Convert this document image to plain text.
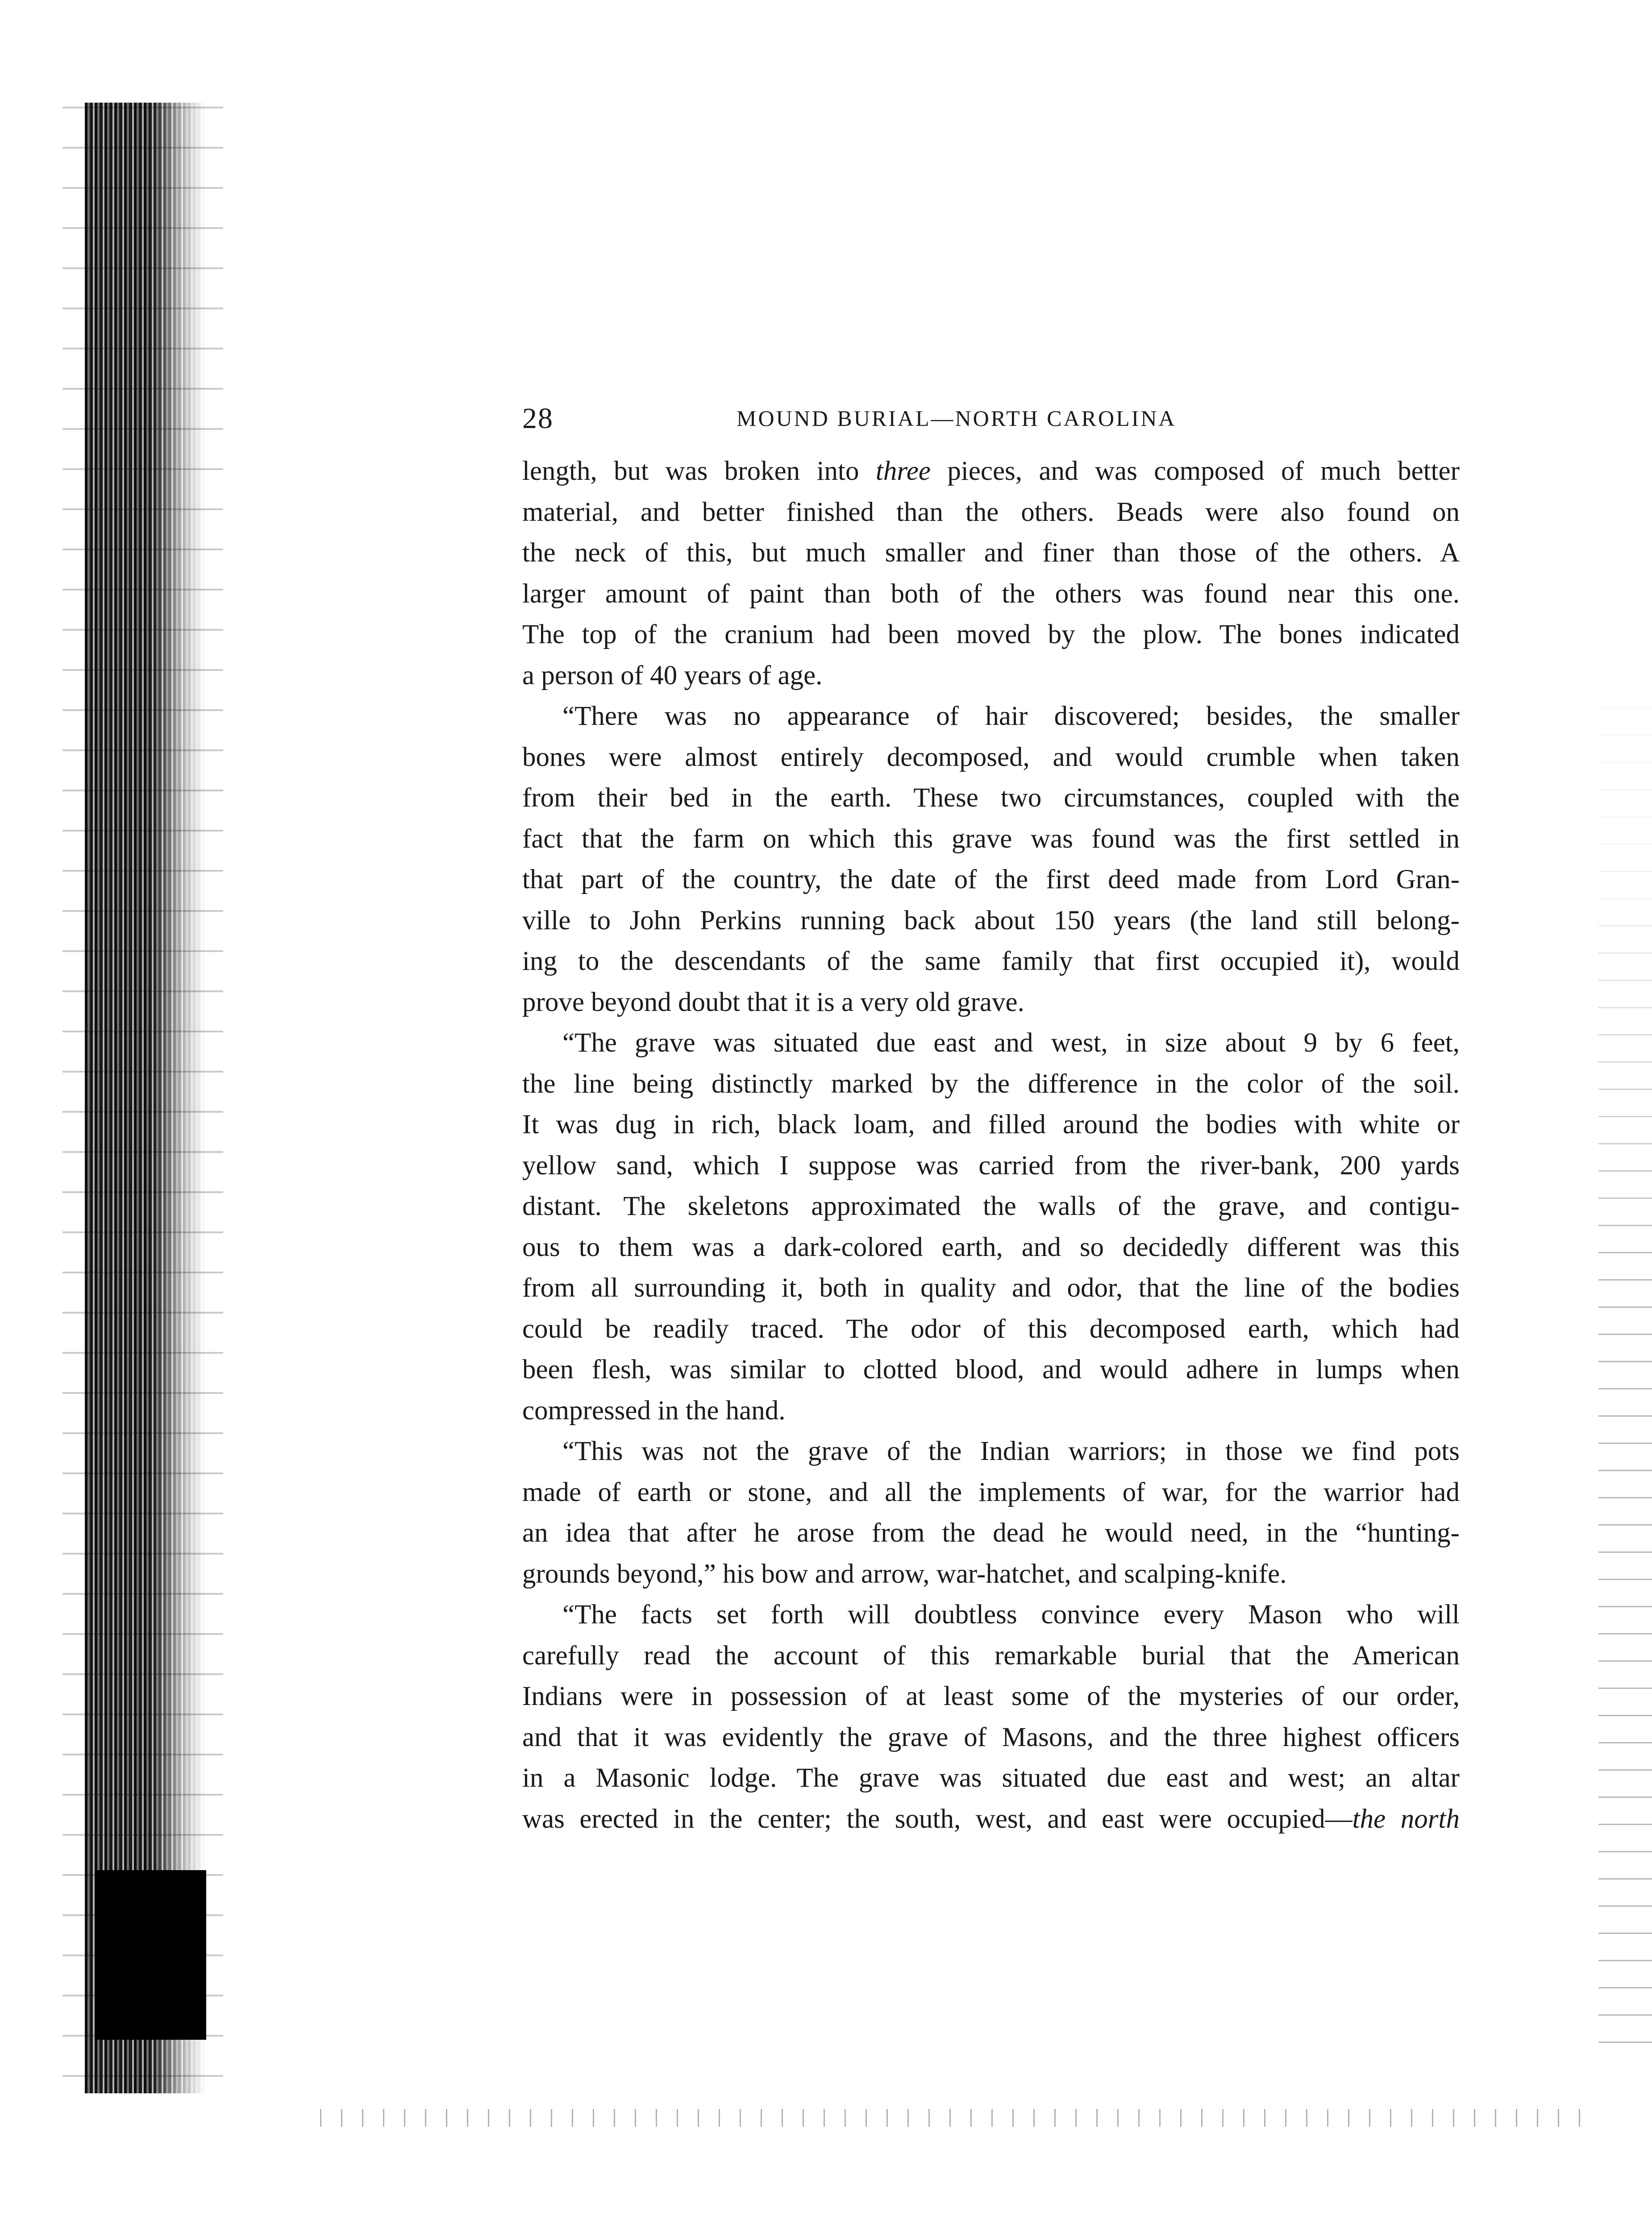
28	MOUND BURIAL—NORTH CAROLINA
length, but was broken into three pieces, and was composed of much better
material, and better finished than the others. Beads were also found on
the neck of this, but much smaller and finer than those of the others. A
larger amount of paint than both of the others was found near this one.
The top of the cranium had been moved by the plow. The bones indicated
a person of 40 years of age.
“There was no appearance of hair discovered; besides, the smaller
bones were almost entirely decomposed, and would crumble when taken
from their bed in the earth. These two circumstances, coupled with the
fact that the farm on which this grave was found was the first settled in
that part of the country, the date of the first deed made from Lord Gran-
ville to John Perkins running back about 150 years (the land still belong-
ing to the descendants of the same family that first occupied it), would
prove beyond doubt that it is a very old grave.
“The grave was situated due east and west, in size about 9 by 6 feet,
the line being distinctly marked by the difference in the color of the soil.
It was dug in rich, black loam, and filled around the bodies with white or
yellow sand, which I suppose was carried from the river-bank, 200 yards
distant. The skeletons approximated the walls of the grave, and contigu-
ous to them was a dark-colored earth, and so decidedly different was this
from all surrounding it, both in quality and odor, that the line of the bodies
could be readily traced. The odor of this decomposed earth, which had
been flesh, was similar to clotted blood, and would adhere in lumps when
compressed in the hand.
“This was not the grave of the Indian warriors; in those we find pots
made of earth or stone, and all the implements of war, for the warrior had
an idea that after he arose from the dead he would need, in the “hunting-
grounds beyond,” his bow and arrow, war-hatchet, and scalping-knife.
“The facts set forth will doubtless convince every Mason who will
carefully read the account of this remarkable burial that the American
Indians were in possession of at least some of the mysteries of our order,
and that it was evidently the grave of Masons, and the three highest officers
in a Masonic lodge. The grave was situated due east and west; an altar
was erected in the center; the south, west, and east were occupied—the north
